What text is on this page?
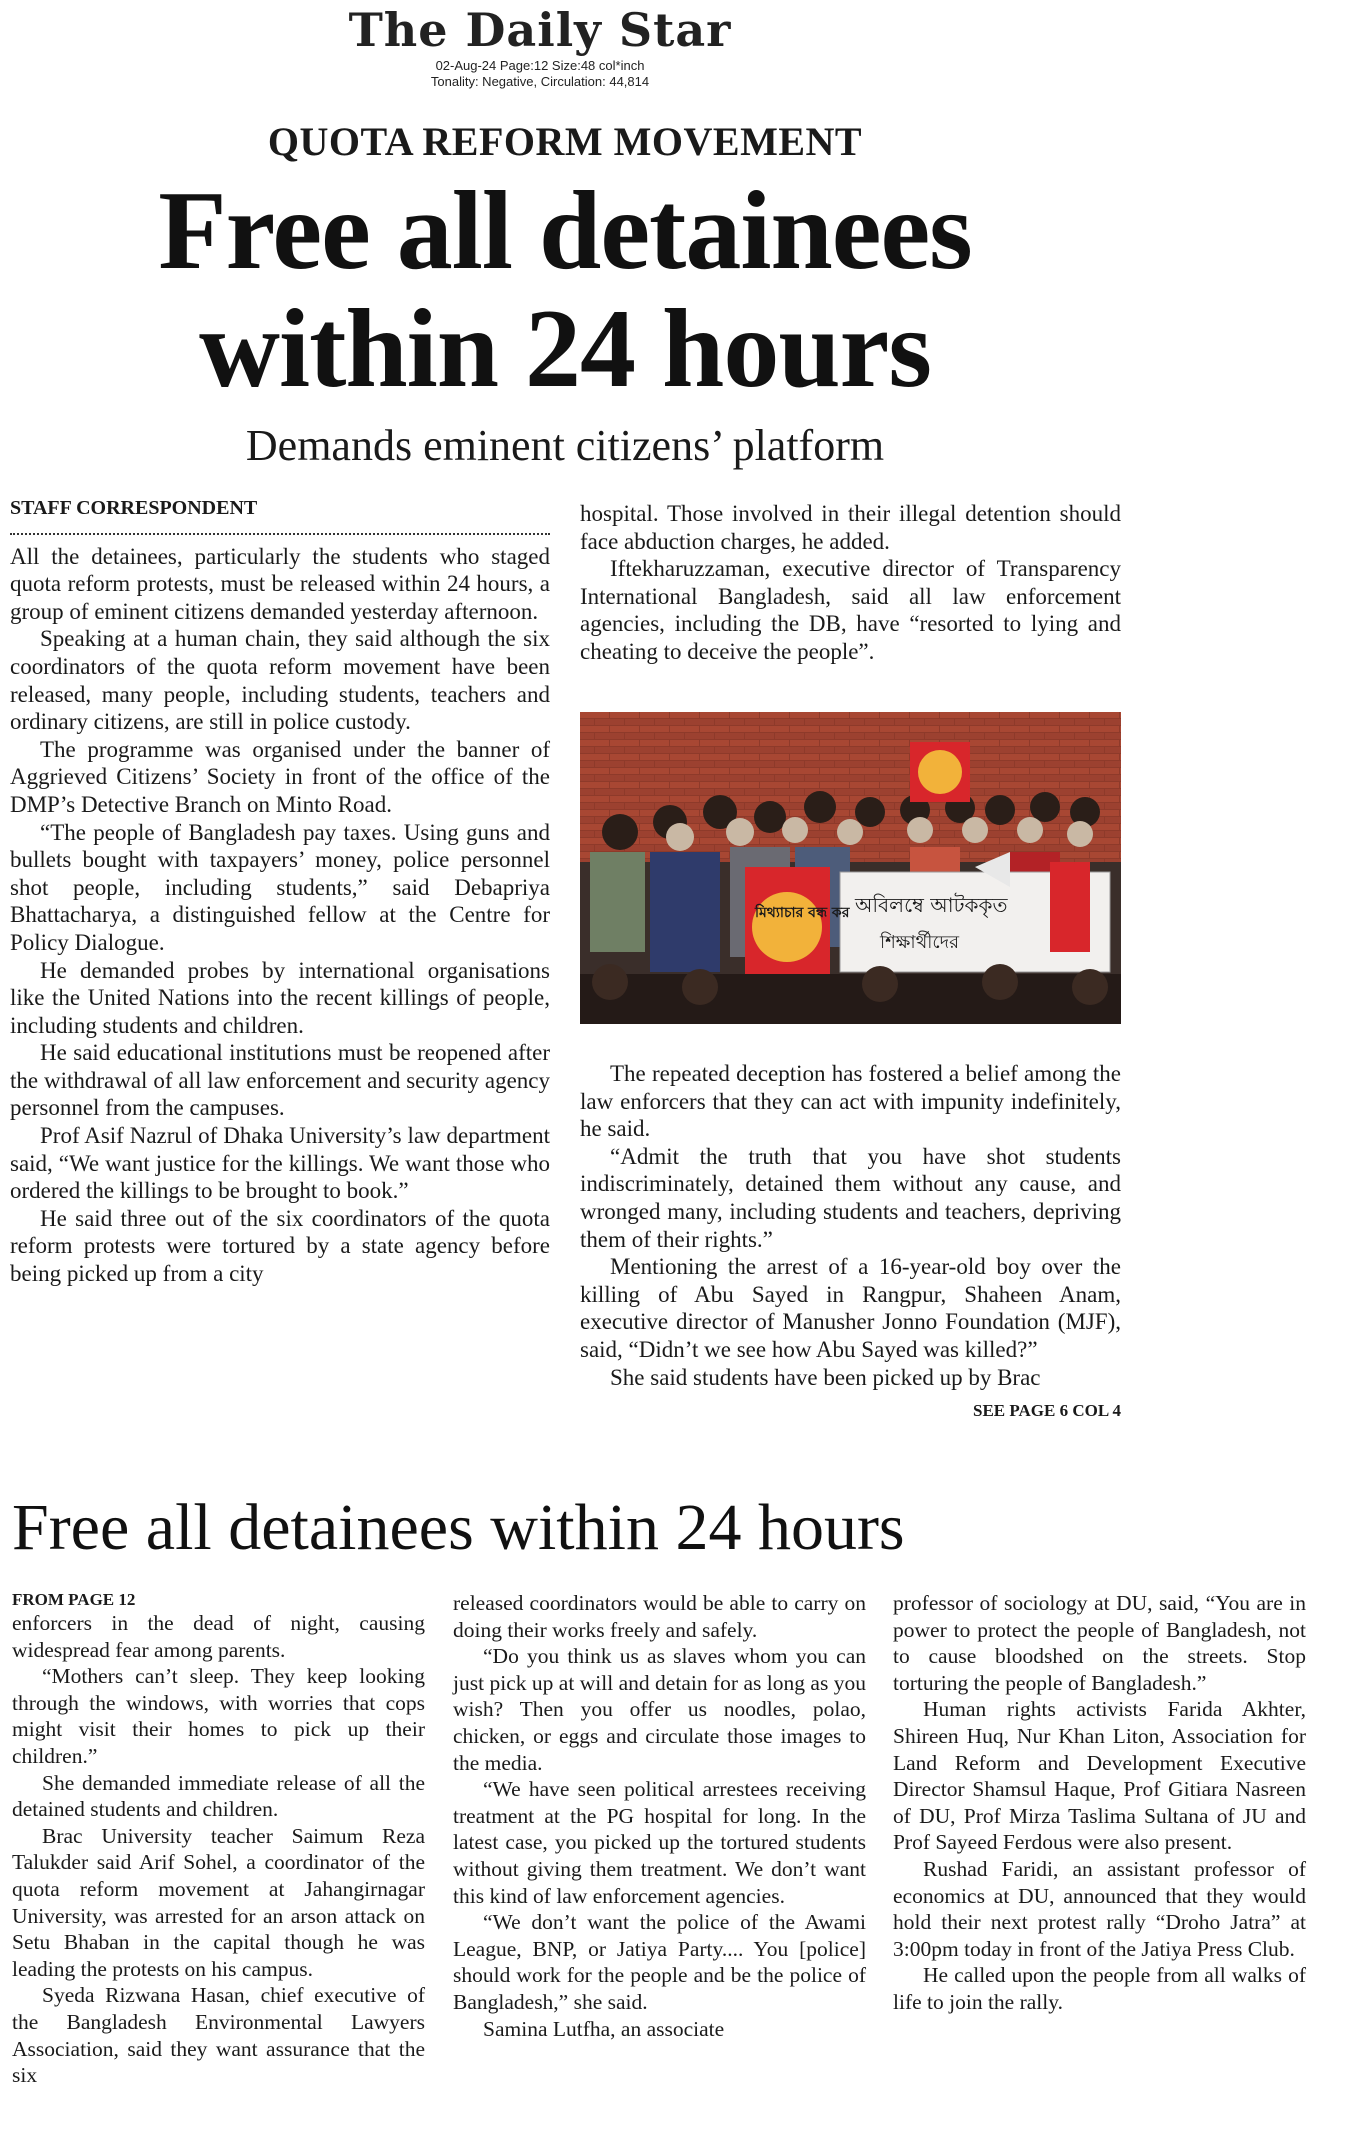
The Daily Star
02-Aug-24 Page:12 Size:48 col*inch
Tonality: Negative, Circulation: 44,814
QUOTA REFORM MOVEMENT
Free all detainees within 24 hours
Demands eminent citizens’ platform
STAFF CORRESPONDENT

All the detainees, particularly the students who staged quota reform protests, must be released within 24 hours, a group of eminent citizens demanded yesterday afternoon.

Speaking at a human chain, they said although the six coordinators of the quota reform movement have been released, many people, including students, teachers and ordinary citizens, are still in police custody.

The programme was organised under the banner of Aggrieved Citizens’ Society in front of the office of the DMP’s Detective Branch on Minto Road.

“The people of Bangladesh pay taxes. Using guns and bullets bought with taxpayers’ money, police personnel shot people, including students,” said Debapriya Bhattacharya, a distinguished fellow at the Centre for Policy Dialogue.

He demanded probes by international organisations like the United Nations into the recent killings of people, including students and children.

He said educational institutions must be reopened after the withdrawal of all law enforcement and security agency personnel from the campuses.

Prof Asif Nazrul of Dhaka University’s law department said, “We want justice for the killings. We want those who ordered the killings to be brought to book.”

He said three out of the six coordinators of the quota reform protests were tortured by a state agency before being picked up from a city

hospital. Those involved in their illegal detention should face abduction charges, he added.

Iftekharuzzaman, executive director of Transparency International Bangladesh, said all law enforcement agencies, including the DB, have “resorted to lying and cheating to deceive the people”.

অবিলম্বে আটককৃত
শিক্ষার্থীদের
মিথ্যাচার বন্ধ কর

The repeated deception has fostered a belief among the law enforcers that they can act with impunity indefinitely, he said.

“Admit the truth that you have shot students indiscriminately, detained them without any cause, and wronged many, including students and teachers, depriving them of their rights.”

Mentioning the arrest of a 16-year-old boy over the killing of Abu Sayed in Rangpur, Shaheen Anam, executive director of Manusher Jonno Foundation (MJF), said, “Didn’t we see how Abu Sayed was killed?”

She said students have been picked up by Brac

SEE PAGE 6 COL 4
Free all detainees within 24 hours
FROM PAGE 12

enforcers in the dead of night, causing widespread fear among parents.

“Mothers can’t sleep. They keep looking through the windows, with worries that cops might visit their homes to pick up their children.”

She demanded immediate release of all the detained students and children.

Brac University teacher Saimum Reza Talukder said Arif Sohel, a coordinator of the quota reform movement at Jahangirnagar University, was arrested for an arson attack on Setu Bhaban in the capital though he was leading the protests on his campus.

Syeda Rizwana Hasan, chief executive of the Bangladesh Environmental Lawyers Association, said they want assurance that the six

released coordinators would be able to carry on doing their works freely and safely.

“Do you think us as slaves whom you can just pick up at will and detain for as long as you wish? Then you offer us noodles, polao, chicken, or eggs and circulate those images to the media.

“We have seen political arrestees receiving treatment at the PG hospital for long. In the latest case, you picked up the tortured students without giving them treatment. We don’t want this kind of law enforcement agencies.

“We don’t want the police of the Awami League, BNP, or Jatiya Party.... You [police] should work for the people and be the police of Bangladesh,” she said.

Samina Lutfha, an associate

professor of sociology at DU, said, “You are in power to protect the people of Bangladesh, not to cause bloodshed on the streets. Stop torturing the people of Bangladesh.”

Human rights activists Farida Akhter, Shireen Huq, Nur Khan Liton, Association for Land Reform and Development Executive Director Shamsul Haque, Prof Gitiara Nasreen of DU, Prof Mirza Taslima Sultana of JU and Prof Sayeed Ferdous were also present.

Rushad Faridi, an assistant professor of economics at DU, announced that they would hold their next protest rally “Droho Jatra” at 3:00pm today in front of the Jatiya Press Club.

He called upon the people from all walks of life to join the rally.
